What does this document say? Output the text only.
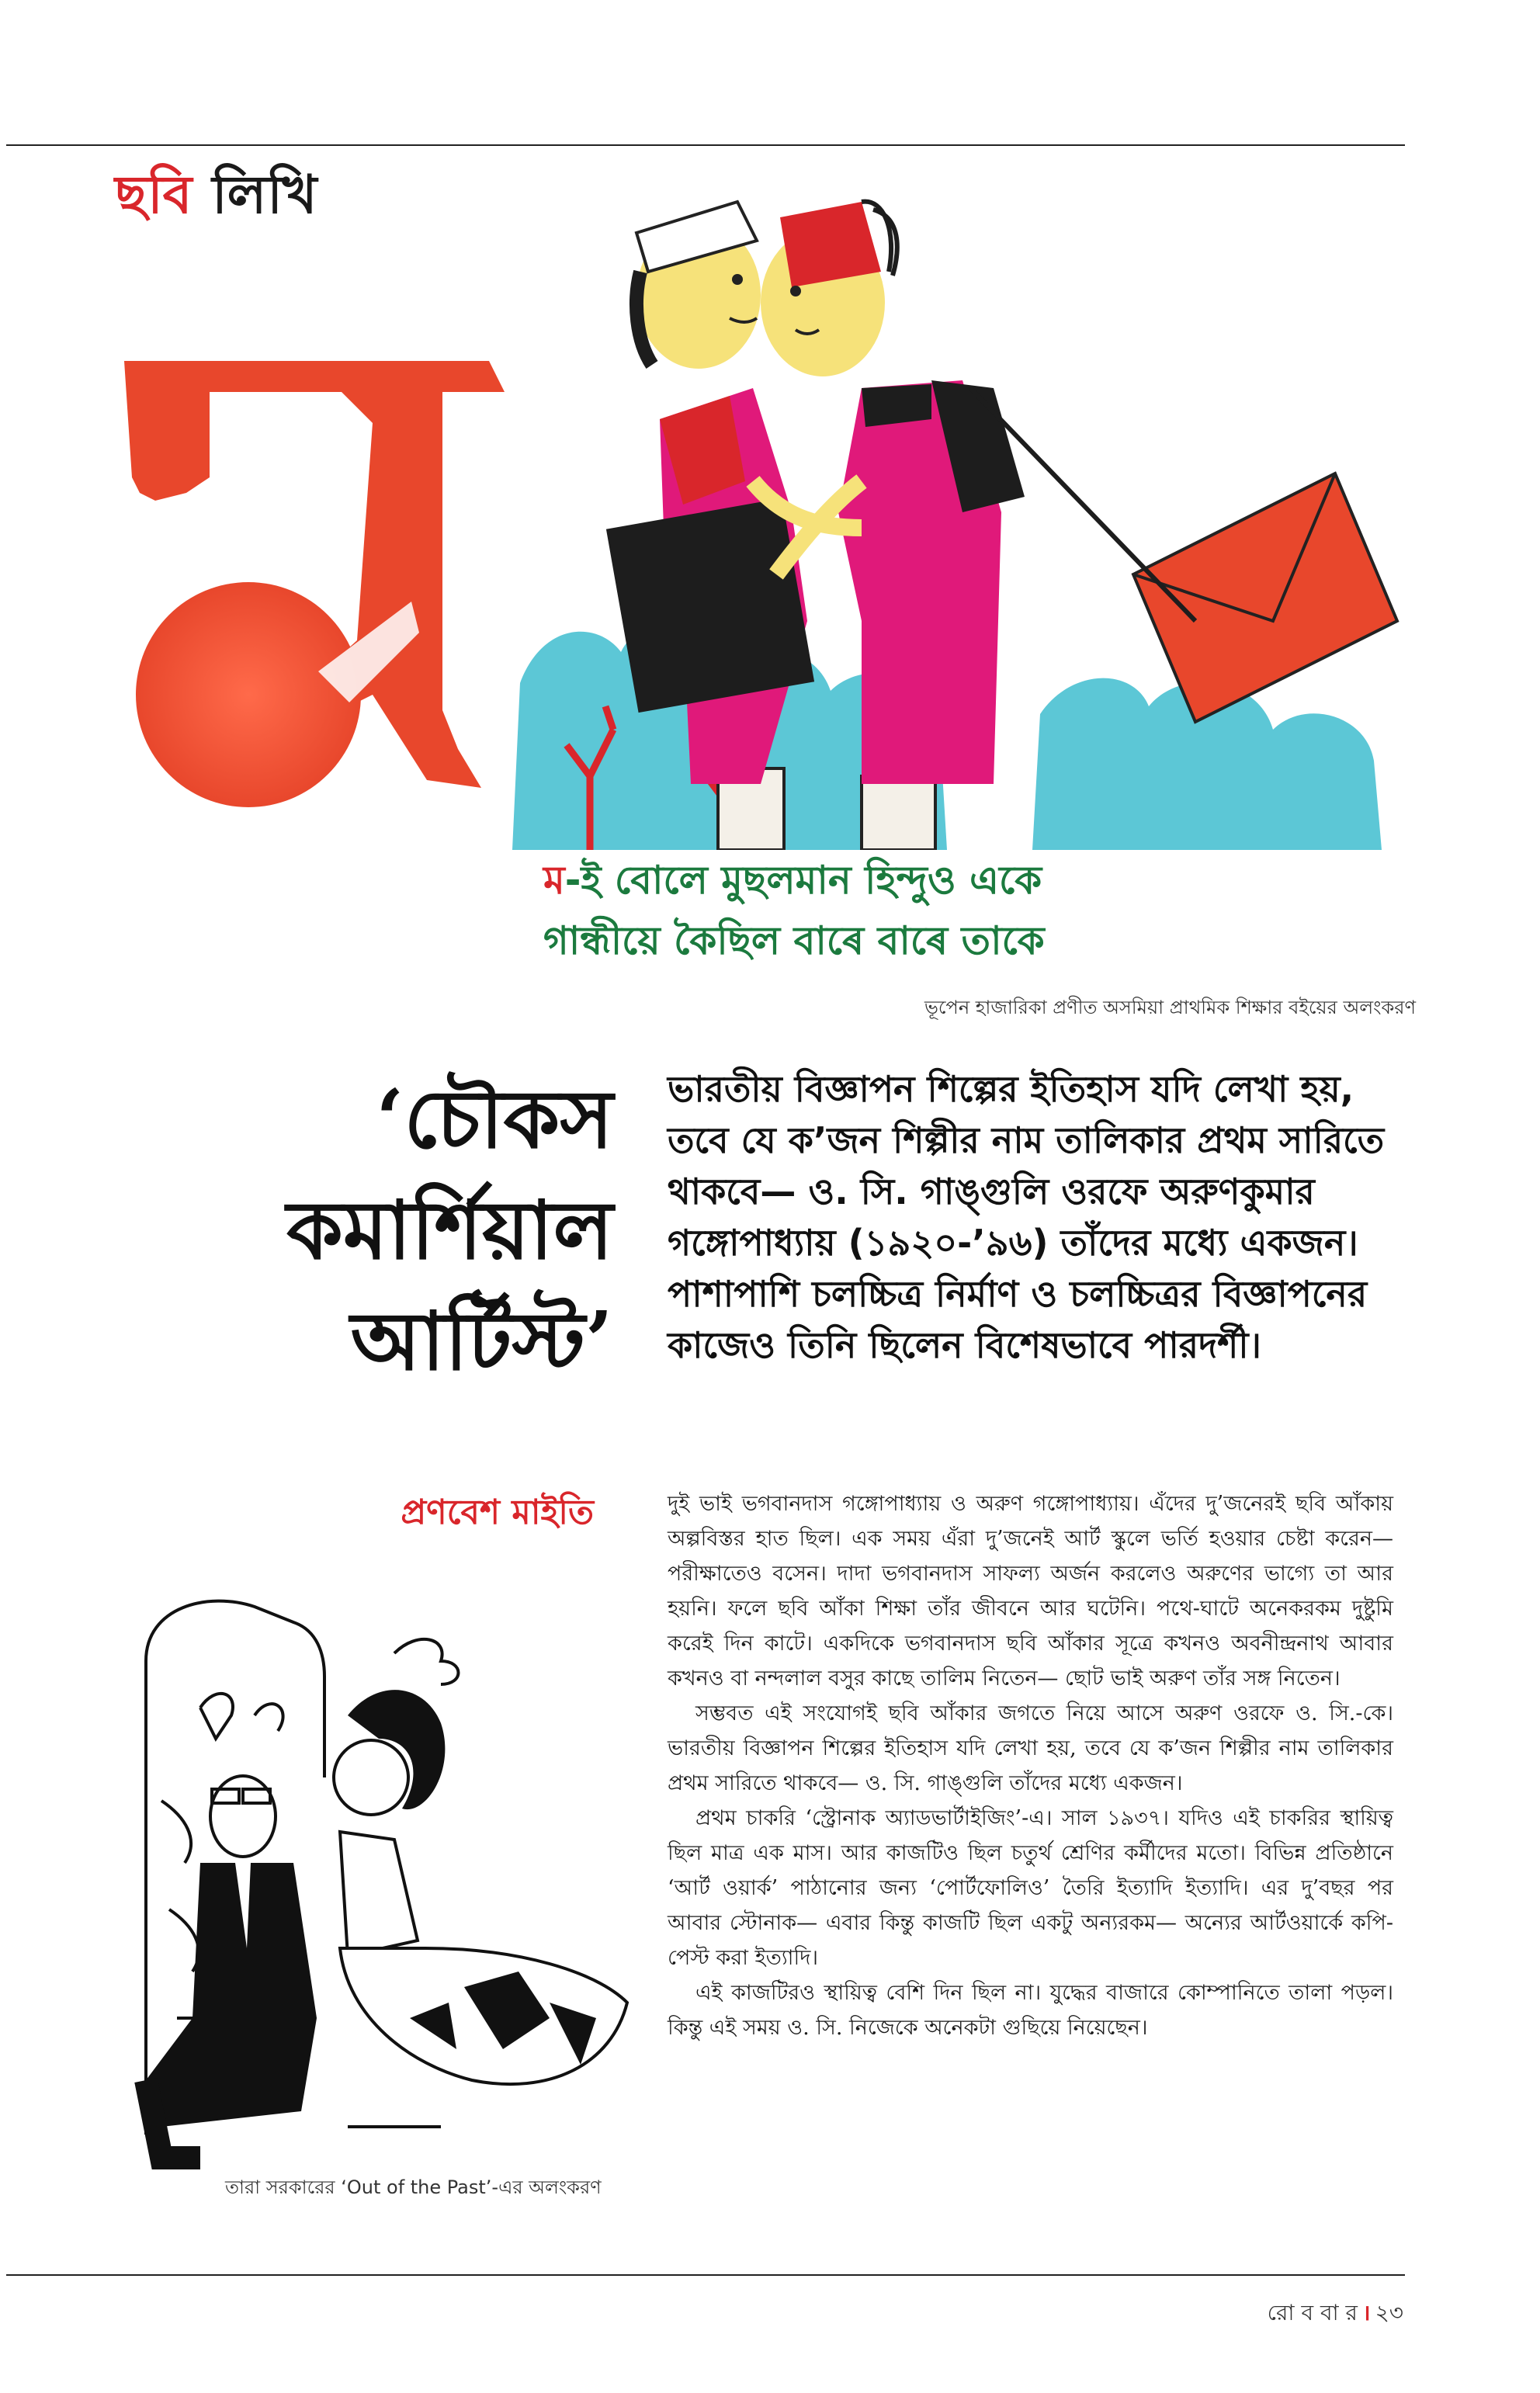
ছবি লিখি
ম-ই বোলে মুছলমান হিন্দুও একে
গান্ধীয়ে কৈছিল বাৰে বাৰে তাকে
ভূপেন হাজারিকা প্রণীত অসমিয়া প্রাথমিক শিক্ষার বইয়ের অলংকরণ
‘চৌকস
কমার্শিয়াল
আর্টিস্ট’
ভারতীয় বিজ্ঞাপন শিল্পের ইতিহাস যদি লেখা হয়, তবে যে ক’জন শিল্পীর নাম তালিকার প্রথম সারিতে থাকবে— ও. সি. গাঙ্গুলি ওরফে অরুণকুমার গঙ্গোপাধ্যায় (১৯২০-’৯৬) তাঁদের মধ্যে একজন। পাশাপাশি চলচ্চিত্র নির্মাণ ও চলচ্চিত্রর বিজ্ঞাপনের কাজেও তিনি ছিলেন বিশেষভাবে পারদর্শী।
প্রণবেশ মাইতি	দুই ভাই ভগবানদাস গঙ্গোপাধ্যায় ও অরুণ গঙ্গোপাধ্যায়। এঁদের দু’জনেরই ছবি আঁকায় অল্পবিস্তর হাত ছিল। এক সময় এঁরা দু’জনেই আর্ট স্কুলে ভর্তি হওয়ার চেষ্টা করেন— পরীক্ষাতেও বসেন। দাদা ভগবানদাস সাফল্য অর্জন করলেও অরুণের ভাগ্যে তা আর হয়নি। ফলে ছবি আঁকা শিক্ষা তাঁর জীবনে আর ঘটেনি। পথে-ঘাটে অনেকরকম দুষ্টুমি করেই দিন কাটে। একদিকে ভগবানদাস ছবি আঁকার সূত্রে কখনও অবনীন্দ্রনাথ আবার কখনও বা নন্দলাল বসুর কাছে তালিম নিতেন— ছোট ভাই অরুণ তাঁর সঙ্গ নিতেন।

সম্ভবত এই সংযোগই ছবি আঁকার জগতে নিয়ে আসে অরুণ ওরফে ও. সি.-কে। ভারতীয় বিজ্ঞাপন শিল্পের ইতিহাস যদি লেখা হয়, তবে যে ক’জন শিল্পীর নাম তালিকার প্রথম সারিতে থাকবে— ও. সি. গাঙ্গুলি তাঁদের মধ্যে একজন।

প্রথম চাকরি ‘স্ট্রোনাক অ্যাডভার্টাইজিং’-এ। সাল ১৯৩৭। যদিও এই চাকরির স্থায়িত্ব ছিল মাত্র এক মাস। আর কাজটিও ছিল চতুর্থ শ্রেণির কর্মীদের মতো। বিভিন্ন প্রতিষ্ঠানে ‘আর্ট ওয়ার্ক’ পাঠানোর জন্য ‘পোর্টফোলিও’ তৈরি ইত্যাদি ইত্যাদি। এর দু’বছর পর আবার স্টোনাক— এবার কিন্তু কাজটি ছিল একটু অন্যরকম— অন্যের আর্টওয়ার্কে কপি-পেস্ট করা ইত্যাদি।

এই কাজটিরও স্থায়িত্ব বেশি দিন ছিল না। যুদ্ধের বাজারে কোম্পানিতে তালা পড়ল। কিন্তু এই সময় ও. সি. নিজেকে অনেকটা গুছিয়ে নিয়েছেন।

তারা সরকারের ‘Out of the Past’-এর অলংকরণ
রো ব বা র । ২৩
